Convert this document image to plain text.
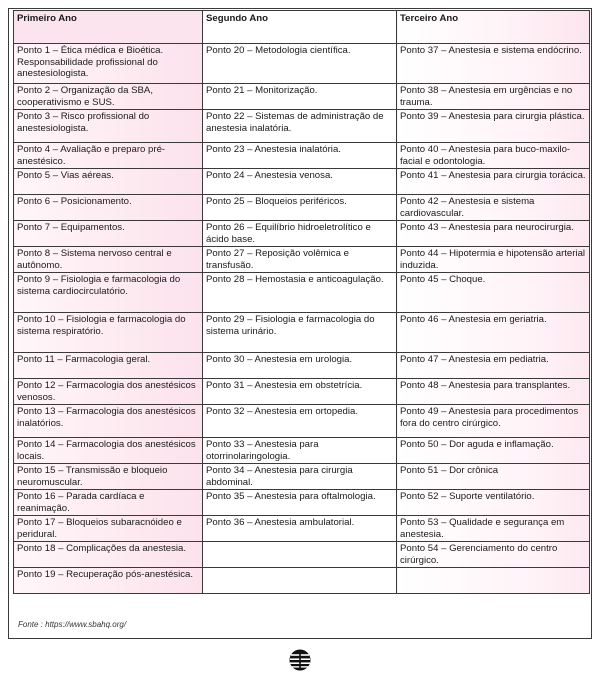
Primeiro Ano	Segundo Ano	Terceiro Ano
Ponto 1 – Ética médica e Bioética. Responsabilidade profissional do anestesiologista.	Ponto 20 – Metodologia científica.	Ponto 37 – Anestesia e sistema endócrino.
Ponto 2 – Organização da SBA, cooperativismo e SUS.	Ponto 21 – Monitorização.	Ponto 38 – Anestesia em urgências e no trauma.
Ponto 3 – Risco profissional do anestesiologista.	Ponto 22 – Sistemas de administração de anestesia inalatória.	Ponto 39 – Anestesia para cirurgia plástica.
Ponto 4 – Avaliação e preparo pré-anestésico.	Ponto 23 – Anestesia inalatória.	Ponto 40 – Anestesia para buco-maxilo-facial e odontologia.
Ponto 5 – Vias aéreas.	Ponto 24 – Anestesia venosa.	Ponto 41 – Anestesia para cirurgia torácica.
Ponto 6 – Posicionamento.	Ponto 25 – Bloqueios periféricos.	Ponto 42 – Anestesia e sistema cardiovascular.
Ponto 7 – Equipamentos.	Ponto 26 – Equilíbrio hidroeletrolítico e ácido base.	Ponto 43 – Anestesia para neurocirurgia.
Ponto 8 – Sistema nervoso central e autônomo.	Ponto 27 – Reposição volêmica e transfusão.	Ponto 44 – Hipotermia e hipotensão arterial induzida.
Ponto 9 – Fisiologia e farmacologia do sistema cardiocirculatório.	Ponto 28 – Hemostasia e anticoagulação.	Ponto 45 – Choque.
Ponto 10 – Fisiologia e farmacologia do sistema respiratório.	Ponto 29 – Fisiologia e farmacologia do sistema urinário.	Ponto 46 – Anestesia em geriatria.
Ponto 11 – Farmacologia geral.	Ponto 30 – Anestesia em urologia.	Ponto 47 – Anestesia em pediatria.
Ponto 12 – Farmacologia dos anestésicos venosos.	Ponto 31 – Anestesia em obstetrícia.	Ponto 48 – Anestesia para transplantes.
Ponto 13 – Farmacologia dos anestésicos inalatórios.	Ponto 32 – Anestesia em ortopedia.	Ponto 49 – Anestesia para procedimentos fora do centro cirúrgico.
Ponto 14 – Farmacologia dos anestésicos locais.	Ponto 33 – Anestesia para otorrinolaringologia.	Ponto 50 – Dor aguda e inflamação.
Ponto 15 – Transmissão e bloqueio neuromuscular.	Ponto 34 – Anestesia para cirurgia abdominal.	Ponto 51 – Dor crônica
Ponto 16 – Parada cardíaca e reanimação.	Ponto 35 – Anestesia para oftalmologia.	Ponto 52 – Suporte ventilatório.
Ponto 17 – Bloqueios subaracnóideo e peridural.	Ponto 36 – Anestesia ambulatorial.	Ponto 53 – Qualidade e segurança em anestesia.
Ponto 18 – Complicações da anestesia.		Ponto 54 – Gerenciamento do centro cirúrgico.
Ponto 19 – Recuperação pós-anestésica.		
Fonte : https://www.sbahq.org/
